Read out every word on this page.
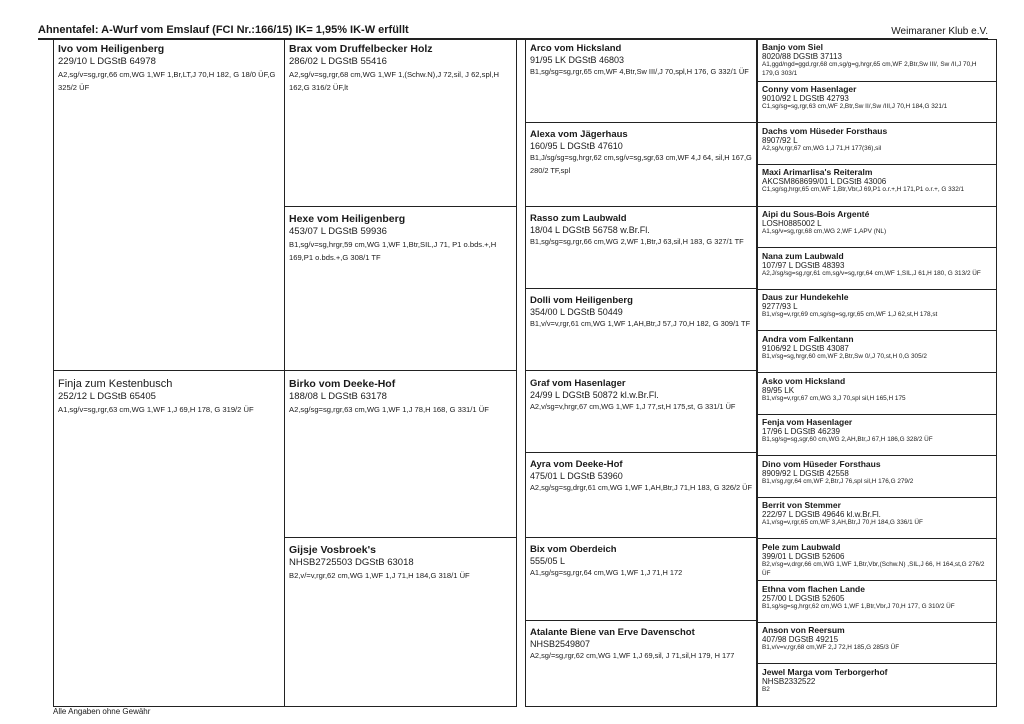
Ahnentafel: A-Wurf vom Emslauf (FCI Nr.:166/15) IK= 1,95% IK-W erfüllt	Weimaraner Klub e.V.
Ivo vom Heiligenberg
229/10 L DGStB 64978
A2,sg/v=sg,rgr,66 cm,WG 1,WF 1,Br,LT,J 70,H 182, G 18/0 ÜF,G 325/2 ÜF
Finja zum Kestenbusch
252/12 L DGStB 65405
A1,sg/v=sg,rgr,63 cm,WG 1,WF 1,J 69,H 178, G 319/2 ÜF
Brax vom Druffelbecker Holz
286/02 L DGStB 55416
A2,sg/v=sg,rgr,68 cm,WG 1,WF 1,(Schw.N),J 72,sil, J 62,spl,H 162,G 316/2 ÜF,lt
Hexe vom Heiligenberg
453/07 L DGStB 59936
B1,sg/v=sg,hrgr,59 cm,WG 1,WF 1,Btr,SIL,J 71, P1 o.bds.+,H 169,P1 o.bds.+,G 308/1 TF
Birko vom Deeke-Hof
188/08 L DGStB 63178
A2,sg/sg=sg,rgr,63 cm,WG 1,WF 1,J 78,H 168, G 331/1 ÜF
Gijsje Vosbroek's
NHSB2725503 DGStB 63018
B2,v/=v,rgr,62 cm,WG 1,WF 1,J 71,H 184,G 318/1 ÜF
Arco vom Hicksland
91/95 LK DGStB 46803
B1,sg/sg=sg,rgr,65 cm,WF 4,Btr,Sw III/,J 70,spl,H 176, G 332/1 ÜF
Alexa vom Jägerhaus
160/95 L DGStB 47610
B1,J/sg/sg=sg,hrgr,62 cm,sg/v=sg,sgr,63 cm,WF 4,J 64, sil,H 167,G 280/2 TF,spl
Rasso zum Laubwald
18/04 L DGStB 56758 w.Br.Fl.
B1,sg/sg=sg,rgr,66 cm,WG 2,WF 1,Btr,J 63,sil,H 183, G 327/1 TF
Dolli vom Heiligenberg
354/00 L DGStB 50449
B1,v/v=v,rgr,61 cm,WG 1,WF 1,AH,Btr,J 57,J 70,H 182, G 309/1 TF
Graf vom Hasenlager
24/99 L DGStB 50872 kl.w.Br.Fl.
A2,v/sg=v,hrgr,67 cm,WG 1,WF 1,J 77,st,H 175,st, G 331/1 ÜF
Ayra vom Deeke-Hof
475/01 L DGStB 53960
A2,sg/sg=sg,drgr,61 cm,WG 1,WF 1,AH,Btr,J 71,H 183, G 326/2 ÜF
Bix vom Oberdeich
555/05 L
A1,sg/sg=sg,rgr,64 cm,WG 1,WF 1,J 71,H 172
Atalante Biene van Erve Davenschot
NHSB2549807
A2,sg/=sg,rgr,62 cm,WG 1,WF 1,J 69,sil, J 71,sil,H 179, H 177
Banjo vom Siel
8020/88 DGStB 37113
A1,ggd/ngd=ggd,rgr,68 cm,sg/g=g,hrgr,65 cm,WF 2,Btr,Sw III/, Sw /II,J 70,H 179,G 303/1
Conny vom Hasenlager
9010/92 L DGStB 42793
C1,sg/sg=sg,rgr,63 cm,WF 2,Btr,Sw II/,Sw /III,J 70,H 184,G 321/1
Dachs vom Hüseder Forsthaus
8907/92 L
A2,sg/v,rgr,67 cm,WG 1,J 71,H 177(36),sil
Maxi Arimarlisa's Reiteralm
AKCSM868699/01 L DGStB 43006
C1,sg/sg,hrgr,65 cm,WF 1,Btr,Vbr,J 69,P1 o.r.+,H 171,P1 o.r.+, G 332/1
Aipi du Sous-Bois Argenté
LOSH0885002 L
A1,sg/v=sg,rgr,68 cm,WG 2,WF 1,APV (NL)
Nana zum Laubwald
107/97 L DGStB 48393
A2,J/sg/sg=sg,rgr,61 cm,sg/v=sg,rgr,64 cm,WF 1,SIL,J 61,H 180, G 313/2 ÜF
Daus zur Hundekehle
9277/93 L
B1,v/sg=v,rgr,69 cm,sg/sg=sg,rgr,65 cm,WF 1,J 62,st,H 178,st
Andra vom Falkentann
9106/92 L DGStB 43087
B1,v/sg=sg,hrgr,60 cm,WF 2,Btr,Sw 0/,J 70,st,H 0,G 305/2
Asko vom Hicksland
89/95 LK
B1,v/sg=v,rgr,67 cm,WG 3,J 70,spl sil,H 165,H 175
Fenja vom Hasenlager
17/96 L DGStB 46239
B1,sg/sg=sg,sgr,60 cm,WG 2,AH,Btr,J 67,H 186,G 328/2 ÜF
Dino vom Hüseder Forsthaus
8909/92 L DGStB 42558
B1,v/sg,rgr,64 cm,WF 2,Btr,J 76,spl sil,H 176,G 279/2
Berrit von Stemmer
222/97 L DGStB 49646 kl.w.Br.Fl.
A1,v/sg=v,rgr,65 cm,WF 3,AH,Btr,J 70,H 184,G 336/1 ÜF
Pele zum Laubwald
399/01 L DGStB 52606
B2,v/sg=v,drgr,66 cm,WG 1,WF 1,Btr,Vbr,(Schw.N) ,SIL,J 66, H 164,st,G 276/2 ÜF
Ethna vom flachen Lande
257/00 L DGStB 52605
B1,sg/sg=sg,hrgr,62 cm,WG 1,WF 1,Btr,Vbr,J 70,H 177, G 310/2 ÜF
Anson von Reersum
407/98 DGStB 49215
B1,v/v=v,rgr,68 cm,WF 2,J 72,H 185,G 285/3 ÜF
Jewel Marga vom Terborgerhof
NHSB2332522
B2
Alle Angaben ohne Gewähr
